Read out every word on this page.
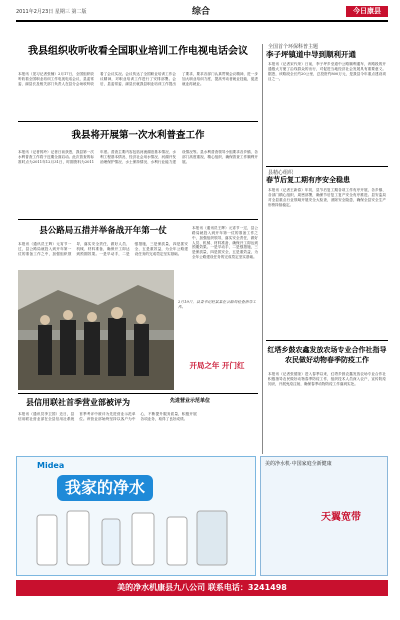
2011年2月23日 星期三 第二版	综合	今日康县
我县组织收听收看全国职业培训工作电视电话会议
本报讯（见习记者张楠）2月17日，全国组织收听收看全国职业培训工作电视电话会议，县委常委、副县长及相关部门负责人在县分会场收听收看了会议实况。会议传达了全国职业培训工作会议精神，对职业培训工作进行了安排部署。会后，县委常委、副县长就我县职业培训工作提出了要求，要求各部门认真贯彻会议精神，进一步加大职业培训力度，提高劳动者就业技能，促进就业再就业。
我县将开展第一次水利普查工作
本报讯（记者郭玲）记者日前获悉，我县第一次水利普查工作将于近期全面启动。此次普查的标准时点为2011年12月31日，时期资料为2011年度。普查主要内容包括河流湖泊基本情况、水利工程基本情况、经济社会用水情况、河湖开发治理保护情况、水土保持情况、水利行业能力建设情况等。县水利普查领导小组要求各乡镇、各部门高度重视，精心组织，确保普查工作顺利开展。
县公路局五措并举备战开年第一仗
本报讯（通讯员王辉）元宵节一过，县公路局就投入到开年第一仗的准备工作之中，加强组织领导，落实安全责任，做好人员、机械、材料准备，确保开工即达到预期效果。一是早动手，二是强措施，三是保质量，四是抓安全，五是重效益，为全年公路建设任务的完成奠定坚实基础。
2月19日，县委书记赵某某在公路局检查指导工作。
开局之年 开门红
本报讯（通讯员王辉）元宵节一过，县公路局就投入到开年第一仗的准备工作之中，加强组织领导，落实安全责任，做好人员、机械、材料准备，确保开工即达到预期效果。一是早动手，二是强措施，三是保质量，四是抓安全，五是重效益，为全年公路建设任务的完成奠定坚实基础。
县信用联社首季营业部被评为	先进营业示范单位
本报讯（通讯员李卫国）近日，县信用联社营业部在全县信用社系统首季考评中被评为先进营业示范单位。该营业部始终坚持以客户为中心，不断提升服务质量，积极开展各项业务，取得了良好成绩。
全国首个环保科普主题
李子坪镇道中导到顺利开通
本报讯（记者宋代荣）日前，李子坪乡至道中公路顺利通车，该路段的开通极大方便了沿线群众的出行，对促进当地经济社会发展具有重要意义。据悉，该路段全长约20公里，总投资约800万元，是我县今年重点建设项目之一。
县精心组织
春节后复工期有序安全稳患
本报讯（记者王新春）年初，县节后复工期各项工作有序开展，各乡镇、各部门精心组织，周密部署，确保节后复工复产安全有序推进。县安监局对全县重点行业领域开展安全大检查，消除安全隐患，确保全县安全生产形势持续稳定。
红塔乡鼓农鑫发放农场专业合作社指导农民做好动物春季防疫工作
本报讯（记者张德奎）进入春季以来，红塔乡鼓农鑫发放农场专业合作社积极指导农民做好动物春季防疫工作，组织技术人员深入农户，宣传防疫知识，开展免疫注射，确保春季动物防疫工作落到实处。
Midea
我家的净水
美的净水机·中国家庭全新健康
天翼宽带
美的净水机康县九八公司 联系电话：3241498
